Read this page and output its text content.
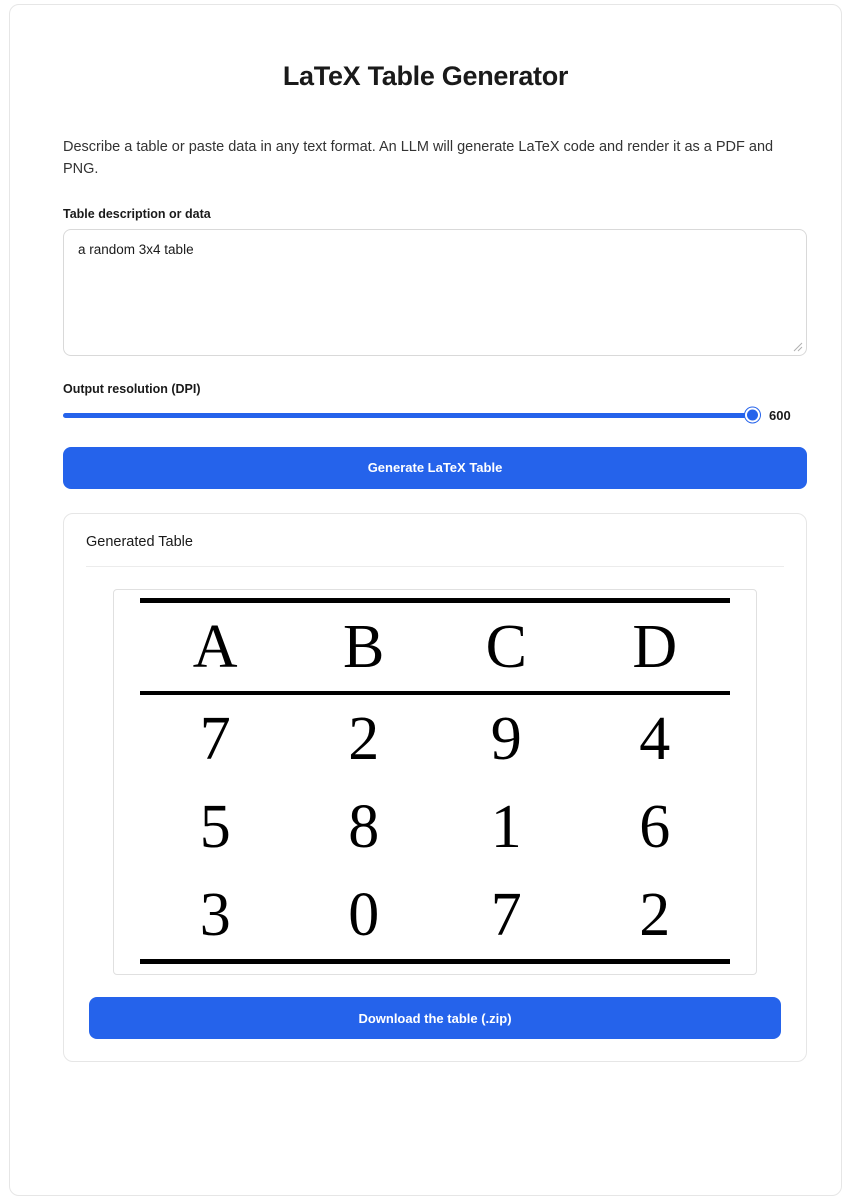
LaTeX Table Generator

Describe a table or paste data in any text format. An LLM will generate LaTeX code and render it as a PDF and PNG.

Table description or data
a random 3x4 table
Output resolution (DPI)
600
Generate LaTeX Table
Generated Table

A	B	C	D

7	2	9	4
5	8	1	6
3	0	7	2

Download the table (.zip)
